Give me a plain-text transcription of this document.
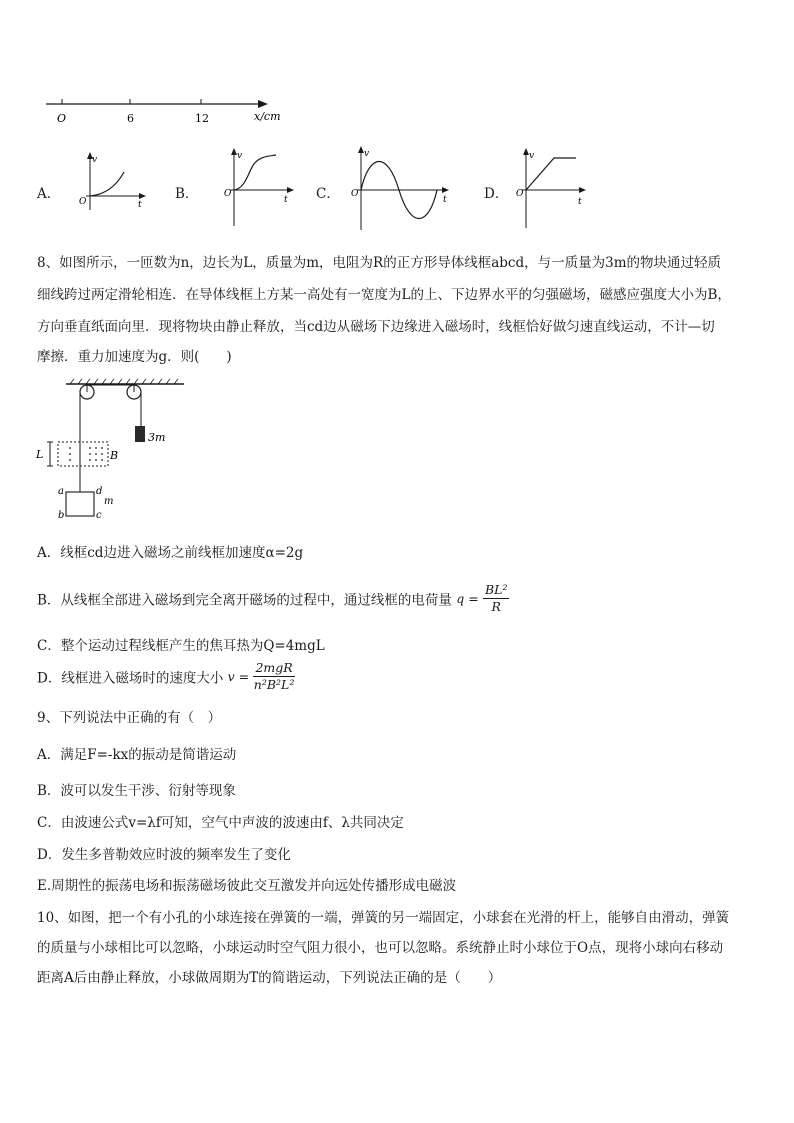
O	6	12	x/cm
A．
v
t
O	B．
v
t
O	C．
v
t
O	D．
v
t
O
8、如图所示，一匝数为n，边长为L，质量为m，电阻为R的正方形导体线框abcd，与一质量为3m的物块通过轻质
细线跨过两定滑轮相连．在导体线框上方某一高处有一宽度为L的上、下边界水平的匀强磁场，磁感应强度大小为B，
方向垂直纸面向里．现将物块由静止释放，当cd边从磁场下边缘进入磁场时，线框恰好做匀速直线运动，不计—切
摩擦．重力加速度为g．则(　　)
3m
L	B
a
b	c
d
m
A．线框cd边进入磁场之前线框加速度α=2g
B．从线框全部进入磁场到完全离开磁场的过程中，通过线框的电荷量 $q = \frac{\text{BL²}}{R}$
C．整个运动过程线框产生的焦耳热为Q=4mgL
D．线框进入磁场时的速度大小 $v = \frac{\text{2mgR}}{\text{n²B²L²}}$
9、下列说法中正确的有（　）
A．满足F=-kx的振动是简谐运动
B．波可以发生干涉、衍射等现象
C．由波速公式v=λf可知，空气中声波的波速由f、λ共同决定
D．发生多普勒效应时波的频率发生了变化
E.周期性的振荡电场和振荡磁场彼此交互激发并向远处传播形成电磁波
10、如图，把一个有小孔的小球连接在弹簧的一端，弹簧的另一端固定，小球套在光滑的杆上，能够自由滑动，弹簧
的质量与小球相比可以忽略，小球运动时空气阻力很小，也可以忽略。系统静止时小球位于O点，现将小球向右移动
距离A后由静止释放，小球做周期为T的简谐运动，下列说法正确的是（　　）
